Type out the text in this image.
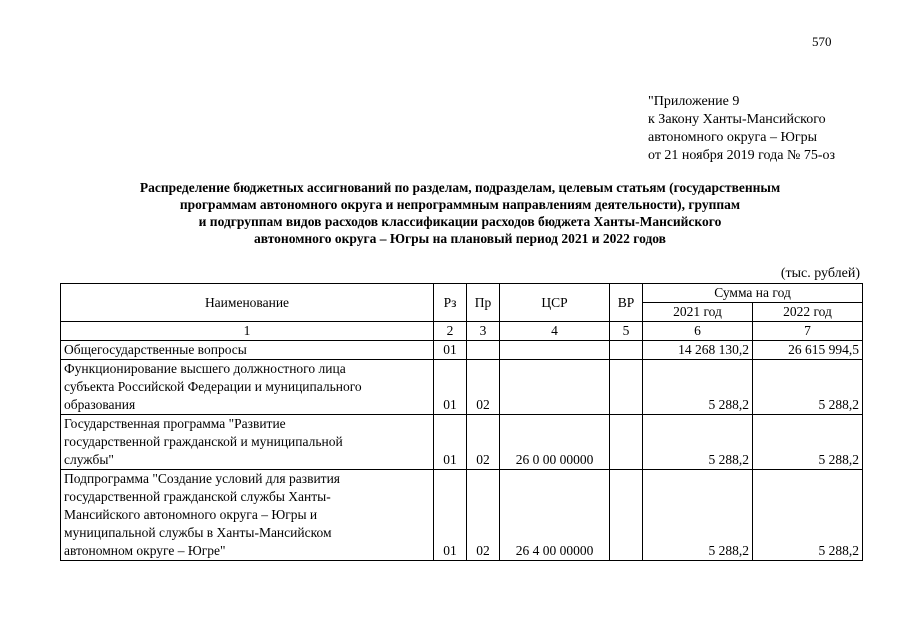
570
"Приложение 9
к Закону Ханты-Мансийского
автономного округа – Югры
от 21 ноября 2019 года № 75-оз
Распределение бюджетных ассигнований по разделам, подразделам, целевым статьям (государственным
программам автономного округа и непрограммным направлениям деятельности), группам
и подгруппам видов расходов классификации расходов бюджета Ханты-Мансийского
автономного округа – Югры на плановый период 2021 и 2022 годов
(тыс. рублей)
Наименование	Рз	Пр	ЦСР	ВР	Сумма на год	
					2021 год	2022 год
1	2	3	4	5	6	7

Общегосударственные вопросы	01				14 268 130,2	26 615 994,5

Функционирование высшего должностного лица
субъекта Российской Федерации и муниципального
образования	01	02			5 288,2	5 288,2

Государственная программа "Развитие
государственной гражданской и муниципальной
службы"	01	02	26 0 00 00000		5 288,2	5 288,2

Подпрограмма "Создание условий для развития
государственной гражданской службы Ханты-
Мансийского автономного округа – Югры и
муниципальной службы в Ханты-Мансийском
автономном округе – Югре"	01	02	26 4 00 00000		5 288,2	5 288,2
